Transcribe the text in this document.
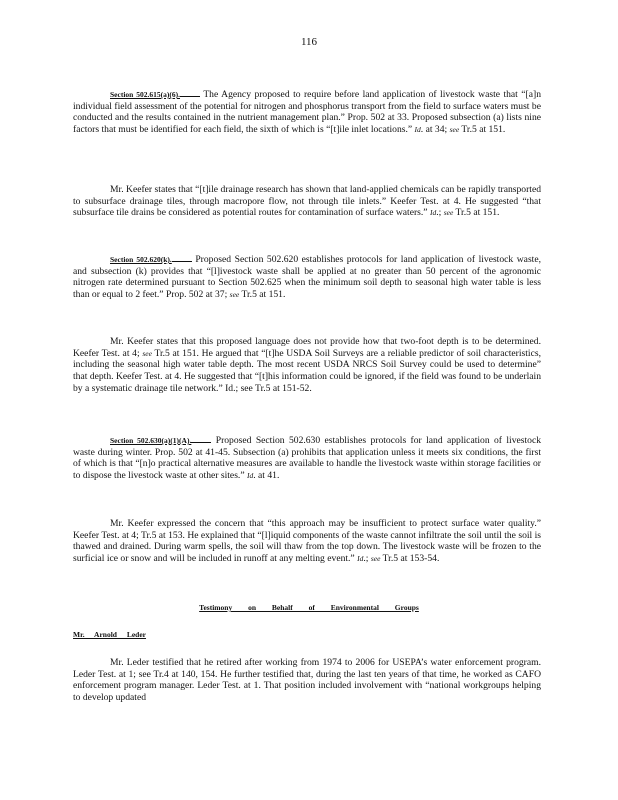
116

Section 502.615(a)(6). The Agency proposed to require before land application of livestock waste that “[a]n individual field assessment of the potential for nitrogen and phosphorus transport from the field to surface waters must be conducted and the results contained in the nutrient management plan.” Prop. 502 at 33. Proposed subsection (a) lists nine factors that must be identified for each field, the sixth of which is “[t]ile inlet locations.” Id. at 34; see Tr.5 at 151.

Mr. Keefer states that “[t]ile drainage research has shown that land-applied chemicals can be rapidly transported to subsurface drainage tiles, through macropore flow, not through tile inlets.” Keefer Test. at 4. He suggested “that subsurface tile drains be considered as potential routes for contamination of surface waters.” Id.; see Tr.5 at 151.

Section 502.620(k). Proposed Section 502.620 establishes protocols for land application of livestock waste, and subsection (k) provides that “[l]ivestock waste shall be applied at no greater than 50 percent of the agronomic nitrogen rate determined pursuant to Section 502.625 when the minimum soil depth to seasonal high water table is less than or equal to 2 feet.” Prop. 502 at 37; see Tr.5 at 151.

Mr. Keefer states that this proposed language does not provide how that two-foot depth is to be determined. Keefer Test. at 4; see Tr.5 at 151. He argued that “[t]he USDA Soil Surveys are a reliable predictor of soil characteristics, including the seasonal high water table depth. The most recent USDA NRCS Soil Survey could be used to determine” that depth. Keefer Test. at 4. He suggested that “[t]his information could be ignored, if the field was found to be underlain by a systematic drainage tile network.” Id.; see Tr.5 at 151-52.

Section 502.630(a)(1)(A).	Proposed Section 502.630 establishes protocols for land application of livestock waste during winter. Prop. 502 at 41-45. Subsection (a) prohibits that application unless it meets six conditions, the first of which is that “[n]o practical alternative measures are available to handle the livestock waste within storage facilities or to dispose the livestock waste at other sites.” Id. at 41.

Mr. Keefer expressed the concern that “this approach may be insufficient to protect surface water quality.” Keefer Test. at 4; Tr.5 at 153. He explained that “[l]iquid components of the waste cannot infiltrate the soil until the soil is thawed and drained. During warm spells, the soil will thaw from the top down. The livestock waste will be frozen to the surficial ice or snow and will be included in runoff at any melting event.” Id.; see Tr.5 at 153-54.

Testimony on Behalf of Environmental Groups
Mr. Arnold Leder

Mr. Leder testified that he retired after working from 1974 to 2006 for USEPA’s water enforcement program. Leder Test. at 1; see Tr.4 at 140, 154. He further testified that, during the last ten years of that time, he worked as CAFO enforcement program manager. Leder Test. at 1. That position included involvement with “national workgroups helping to develop updated
